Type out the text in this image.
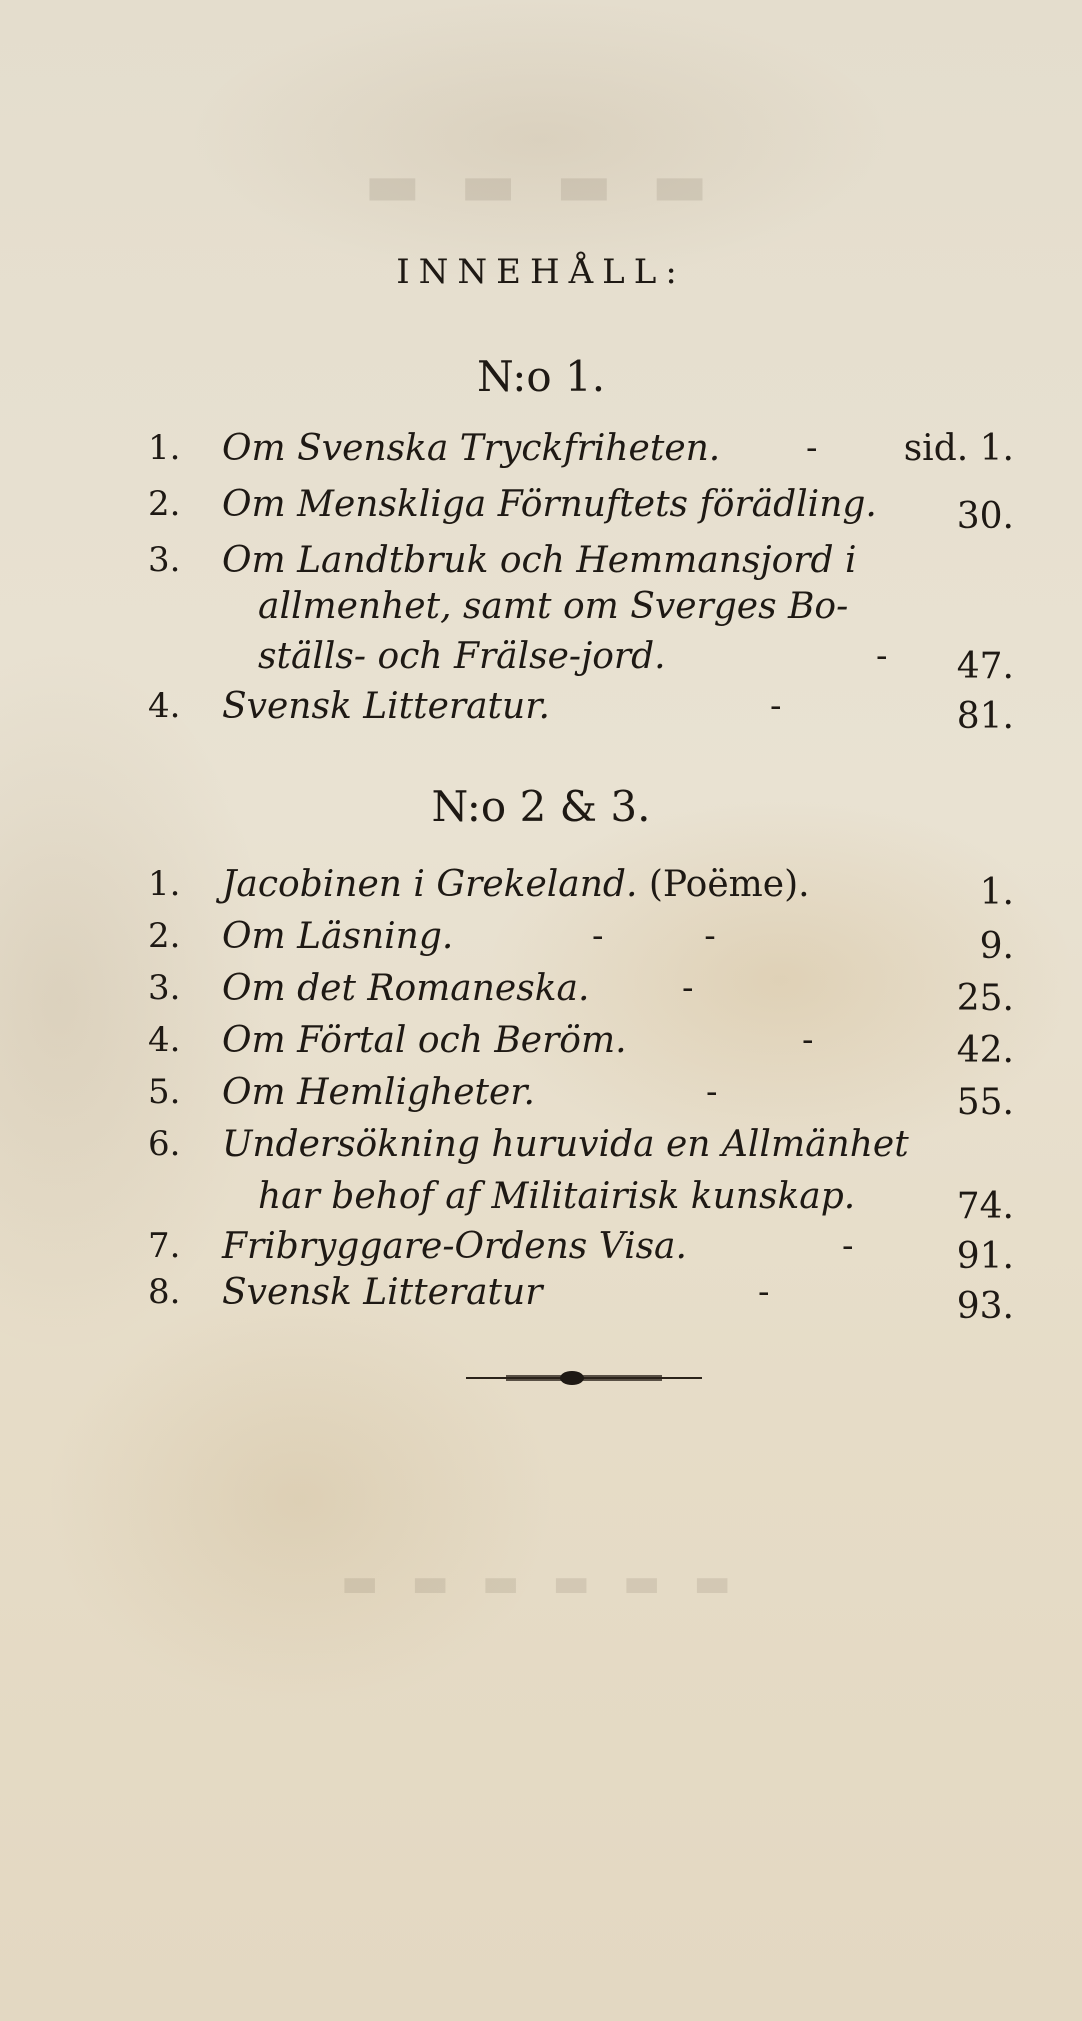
▬ ▬ ▬ ▬
▬ ▬ ▬ ▬ ▬ ▬
INNEHÅLL:
N:o 1.
1. Om Svenska Tryckfriheten.	- sid. 1.
2. Om Menskliga Förnuftets förädling. 30.
3. Om Landtbruk och Hemmansjord i
allmenhet, samt om Sverges Bo-
ställs- och Frälse-jord.	- 47.
4. Svensk Litteratur.	-	81.
N:o 2 & 3.
1. Jacobinen i Grekeland. (Poëme).	1.
2. Om Läsning.	- -	9.
3. Om det Romaneska.	-	25.
4. Om Förtal och Beröm.	-	42.
5. Om Hemligheter.	-	55.
6. Undersökning huruvida en Allmänhet
har behof af Militairisk kunskap.	74.
7. Fribryggare-Ordens Visa.	-	91.
8. Svensk Litteratur	-	93.
